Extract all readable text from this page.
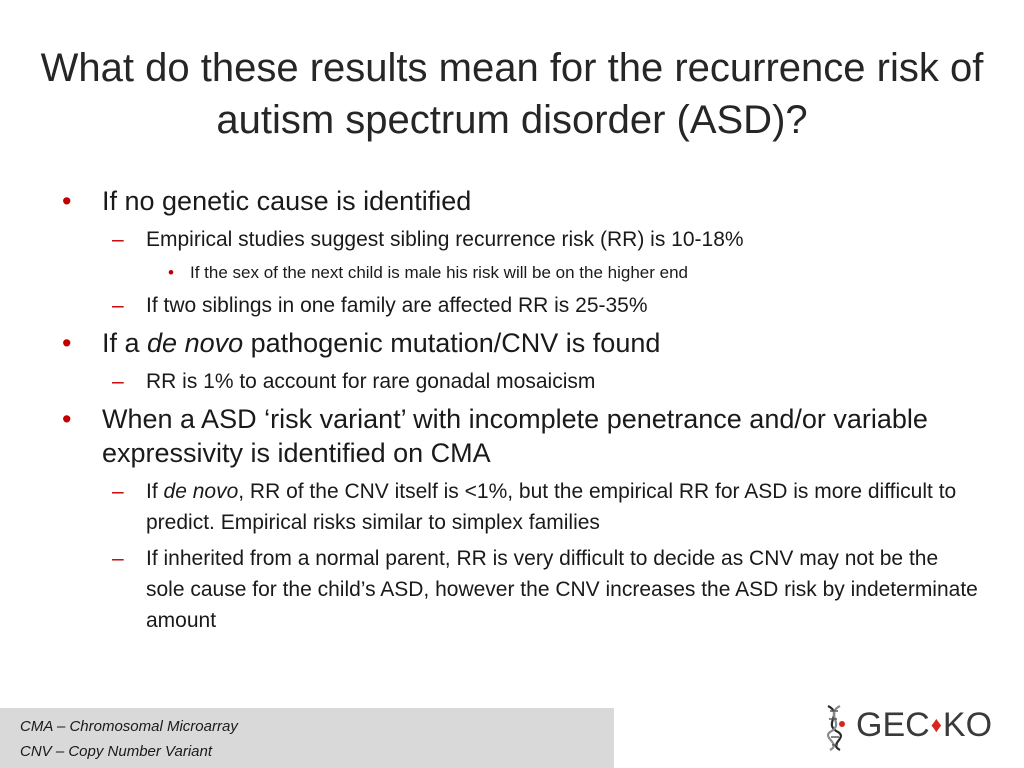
What do these results mean for the recurrence risk of autism spectrum disorder (ASD)?
• If no genetic cause is identified
– Empirical studies suggest sibling recurrence risk (RR) is 10-18%
• If the sex of the next child is male his risk will be on the higher end
– If two siblings in one family are affected RR is 25-35%
• If a de novo pathogenic mutation/CNV is found
– RR is 1% to account for rare gonadal mosaicism
• When a ASD ‘risk variant’ with incomplete penetrance and/or variable expressivity is identified on CMA
– If de novo, RR of the CNV itself is <1%, but the empirical RR for ASD is more difficult to predict. Empirical risks similar to simplex families
– If inherited from a normal parent, RR is very difficult to decide as CNV may not be the sole cause for the child’s ASD, however the CNV increases the ASD risk by indeterminate amount
CMA – Chromosomal Microarray
CNV – Copy Number Variant
GEC♦KO
